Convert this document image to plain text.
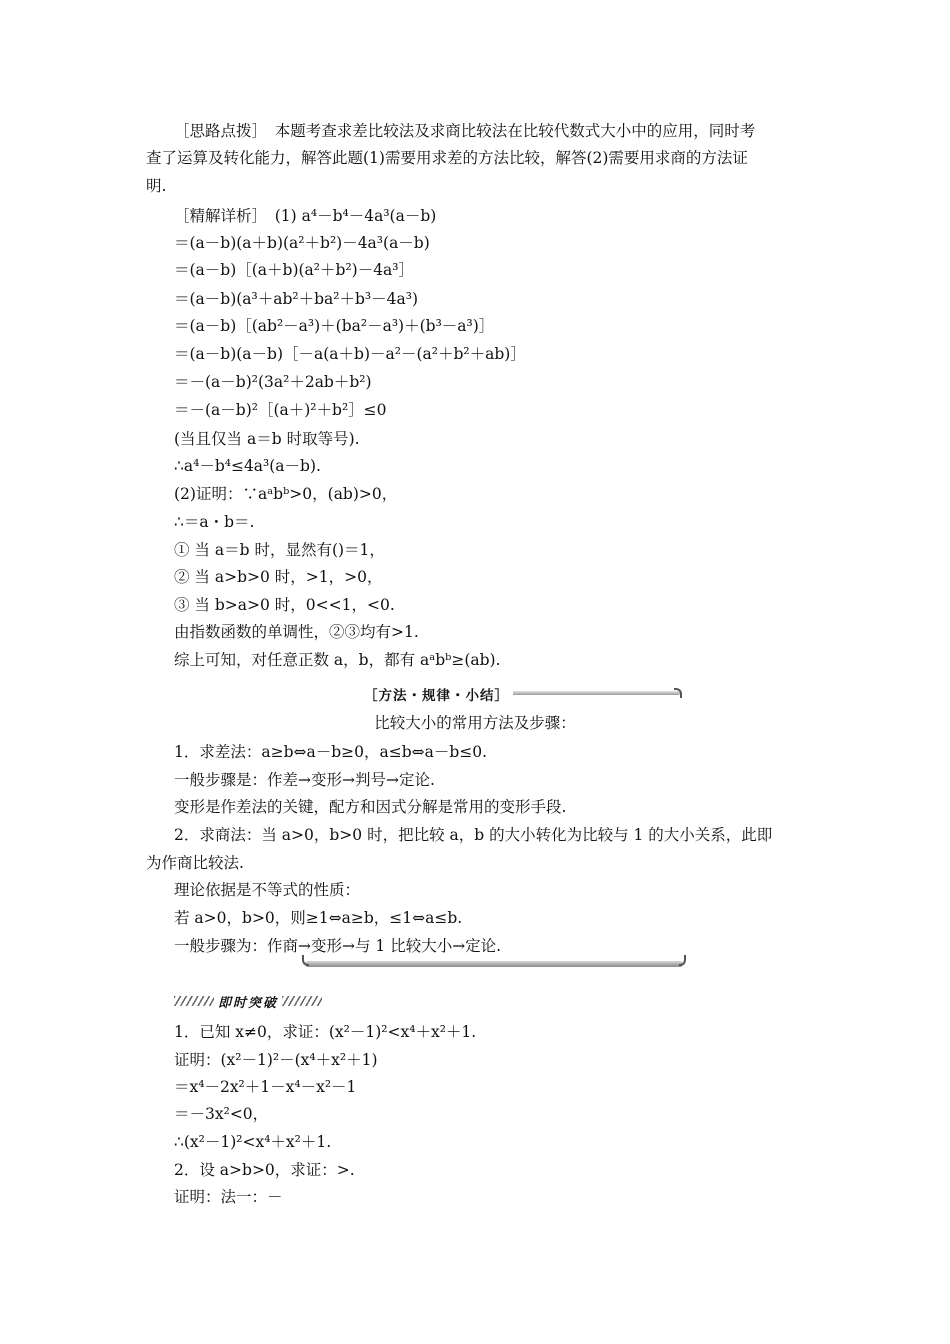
［思路点拨］　本题考查求差比较法及求商比较法在比较代数式大小中的应用，同时考
查了运算及转化能力，解答此题(1)需要用求差的方法比较，解答(2)需要用求商的方法证
明.
［精解详析］　(1) a⁴－b⁴－4a³(a－b)
＝(a－b)(a＋b)(a²＋b²)－4a³(a－b)
＝(a－b)［(a＋b)(a²＋b²)－4a³］
＝(a－b)(a³＋ab²＋ba²＋b³－4a³)
＝(a－b)［(ab²－a³)＋(ba²－a³)＋(b³－a³)］
＝(a－b)(a－b)［－a(a＋b)－a²－(a²＋b²＋ab)］
＝－(a－b)²(3a²＋2ab＋b²)
＝－(a－b)²［(a＋)²＋b²］≤0
(当且仅当 a＝b 时取等号).
∴a⁴－b⁴≤4a³(a－b).
(2)证明：∵aᵃbᵇ>0，(ab)>0，
∴＝a・b＝.
① 当 a＝b 时，显然有()＝1，
② 当 a>b>0 时，>1，>0，
③ 当 b>a>0 时，0<<1，<0.
由指数函数的单调性，②③均有>1.
综上可知，对任意正数 a，b，都有 aᵃbᵇ≥(ab).
1．求差法：a≥b⇔a－b≥0，a≤b⇔a－b≤0.
一般步骤是：作差→变形→判号→定论.
变形是作差法的关键，配方和因式分解是常用的变形手段.
2．求商法：当 a>0，b>0 时，把比较 a，b 的大小转化为比较与 1 的大小关系，此即
为作商比较法.
理论依据是不等式的性质：
若 a>0，b>0，则≥1⇔a≥b，≤1⇔a≤b.
一般步骤为：作商→变形→与 1 比较大小→定论.
1．已知 x≠0，求证：(x²－1)²<x⁴＋x²＋1.
证明：(x²－1)²－(x⁴＋x²＋1)
＝x⁴－2x²＋1－x⁴－x²－1
＝－3x²<0，
∴(x²－1)²<x⁴＋x²＋1.
2．设 a>b>0，求证：>.
证明：法一：－
比较大小的常用方法及步骤：
［方法・规律・小结］
即时突破
